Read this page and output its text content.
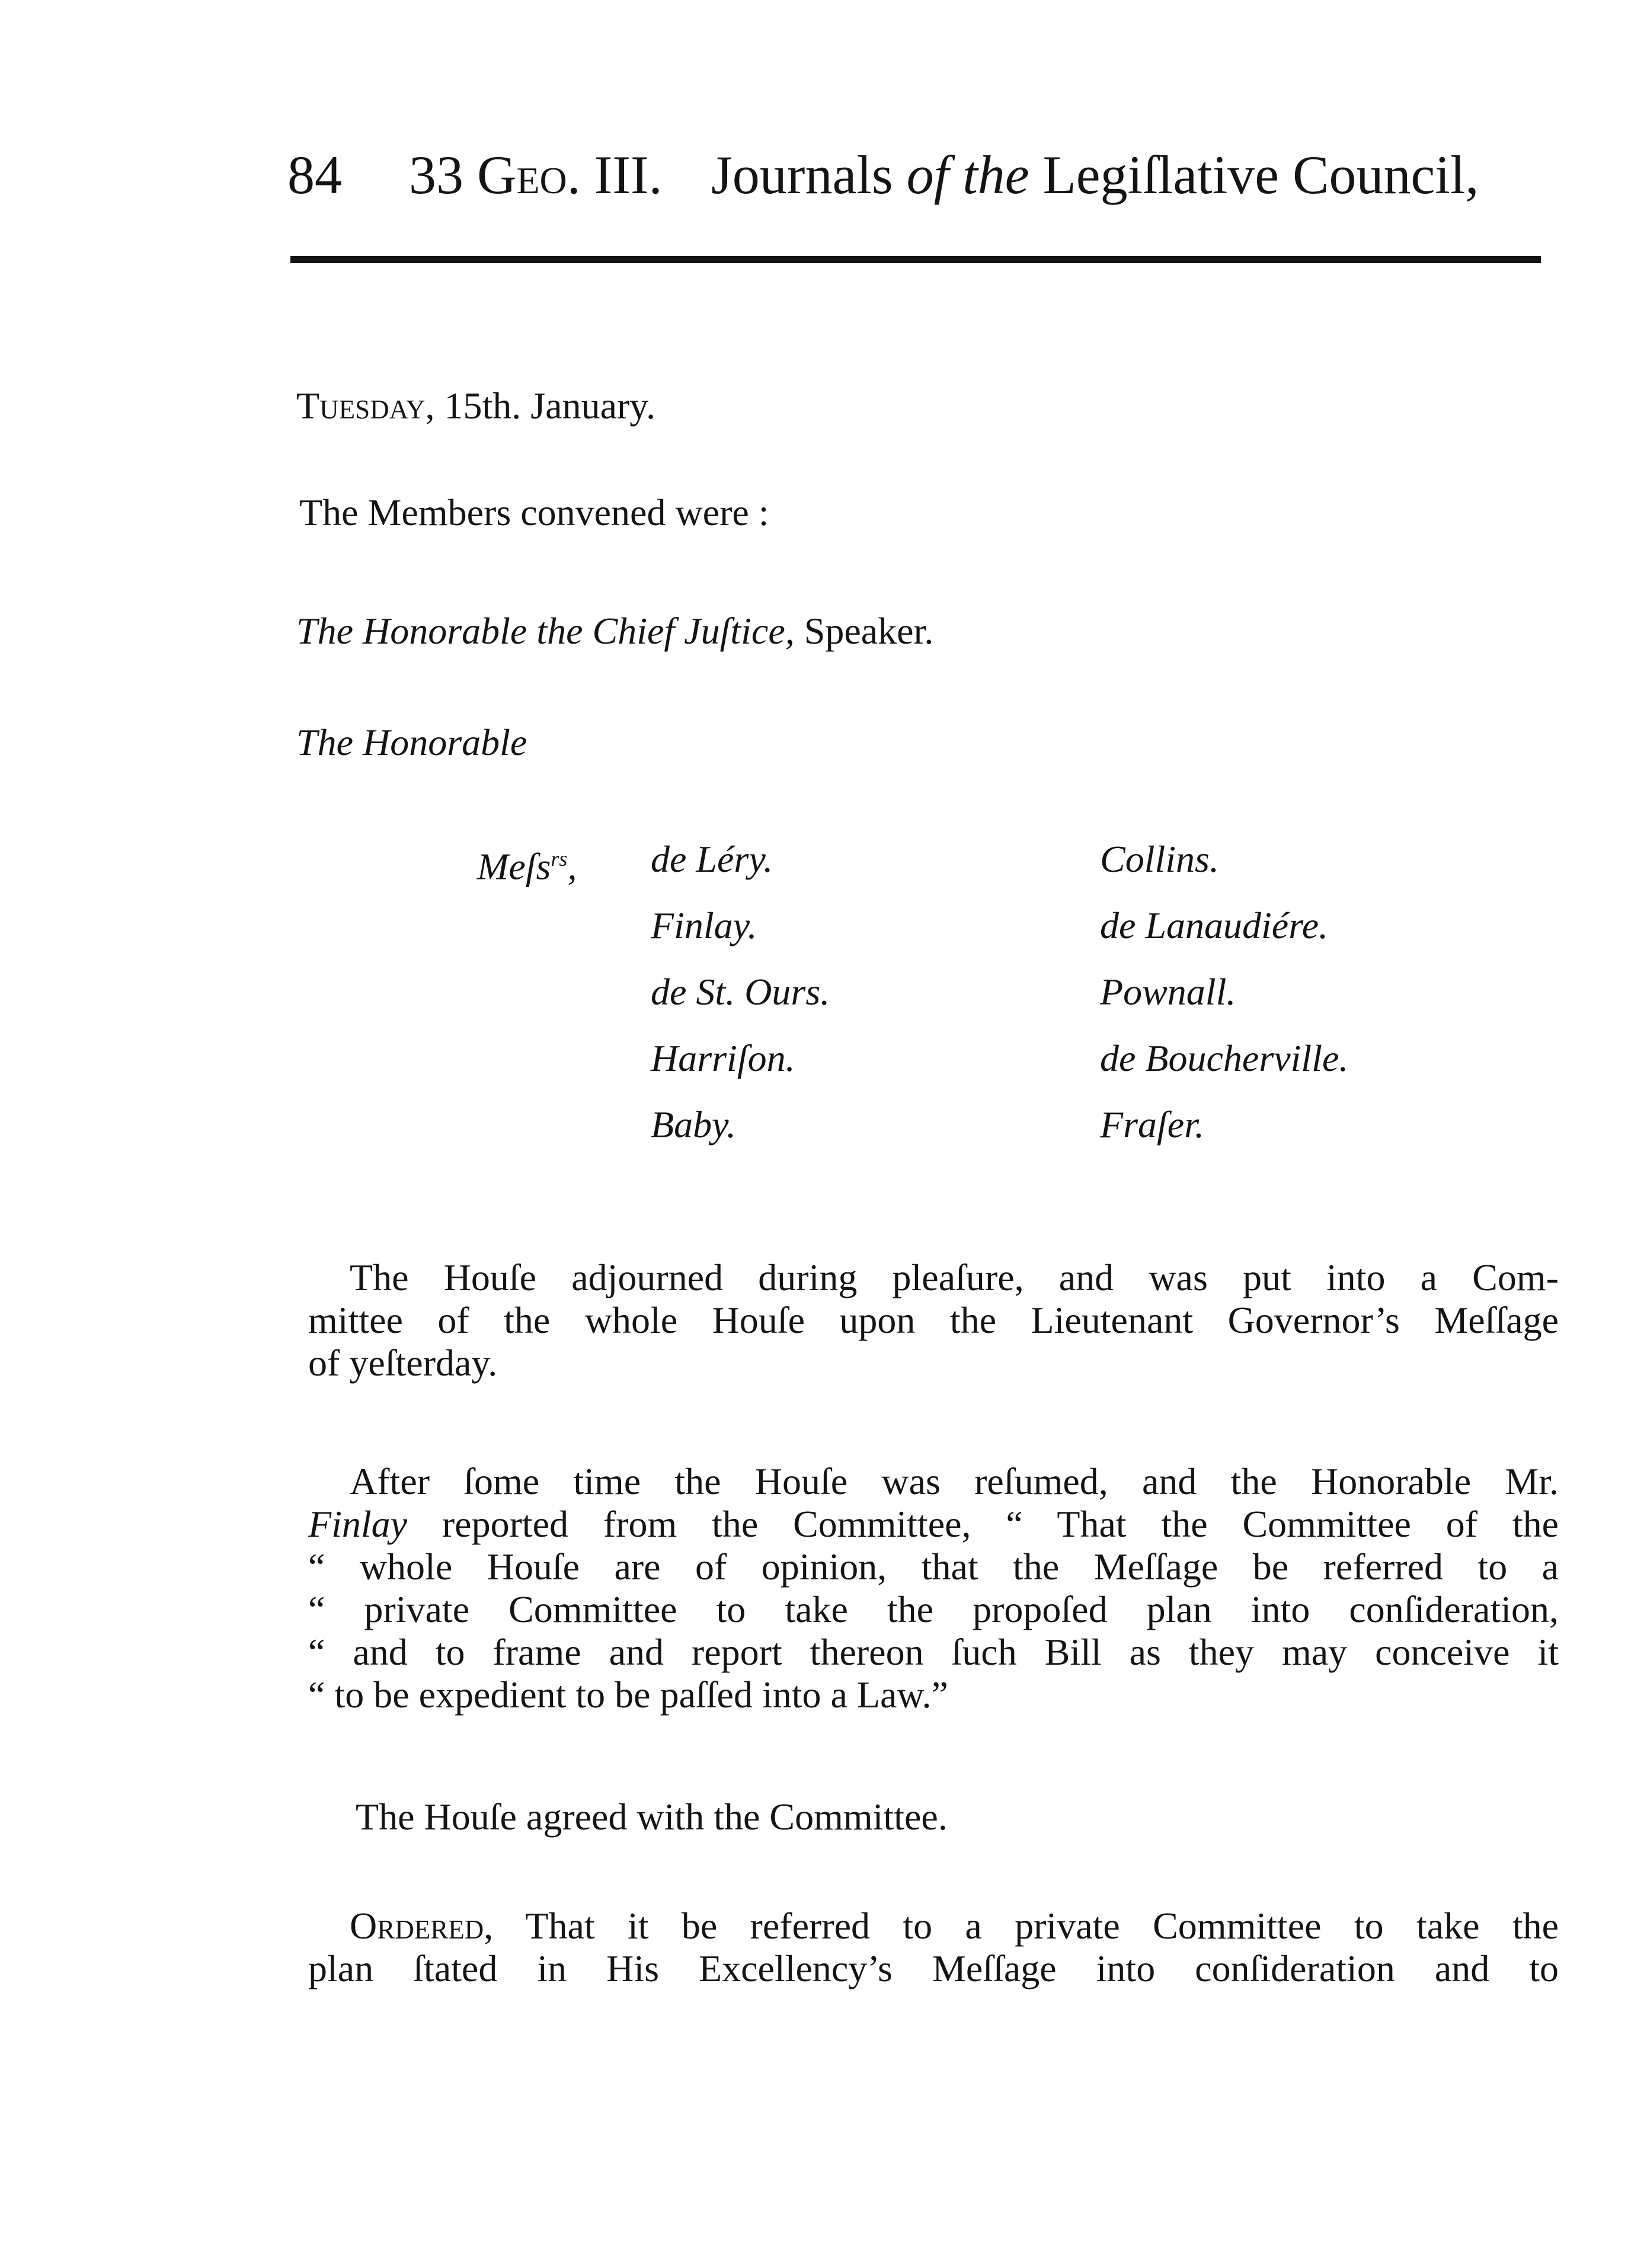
84 33 Geo. III. Journals of the Legiſlative Council,
Tuesday, 15th. January.
The Members convened were :
The Honorable the Chief Juſtice, Speaker.
The Honorable
Meſs$^{rs}$, de Léry.
Finlay.
de St. Ours.
Harriſon.
Baby.
Collins.
de Lanaudiére.
Pownall.
de Boucherville.
Fraſer.
The Houſe adjourned during pleaſure, and was put into a Com-
mittee of the whole Houſe upon the Lieutenant Governor’s Meſſage
of yeſterday.
After ſome time the Houſe was reſumed, and the Honorable Mr.
Finlay reported from the Committee, “ That the Committee of the
“ whole Houſe are of opinion, that the Meſſage be referred to a
“ private Committee to take the propoſed plan into conſideration,
“ and to frame and report thereon ſuch Bill as they may conceive it
“ to be expedient to be paſſed into a Law.”
The Houſe agreed with the Committee.
Ordered, That it be referred to a private Committee to take the
plan ſtated in His Excellency’s Meſſage into conſideration and to
